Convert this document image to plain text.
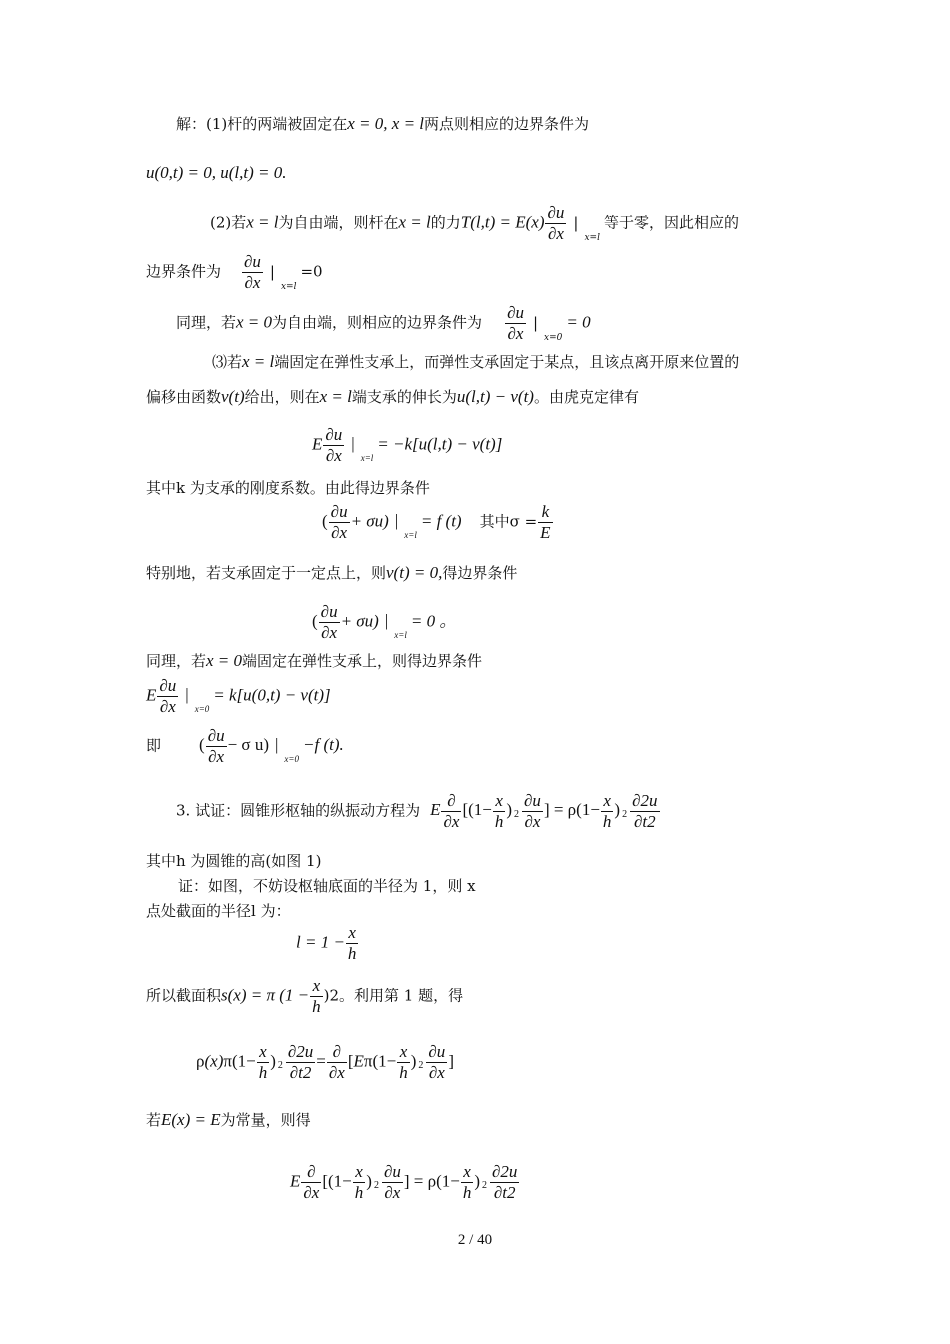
解：(1)杆的两端被固定在x = 0, x = l两点则相应的边界条件为
u(0,t) = 0, u(l,t) = 0.
(2)若x = l为自由端，则杆在x = l的力$T(l,t) = E(x) \frac{\partial u}{\partial x} |_{x=l}$等于零，因此相应的
边界条件为 $\frac{\partial u}{\partial x} |_{x=l}=0$
同理，若x = 0为自由端，则相应的边界条件为 $\frac{\partial u}{\partial x} |_{x=0}= 0$
⑶若x = l端固定在弹性支承上，而弹性支承固定于某点，且该点离开原来位置的
偏移由函数v(t)给出，则在x = l端支承的伸长为u(l,t) − v(t)。由虎克定律有
E $\frac{\partial u}{\partial x} |_{x=l}= -k[u(l,t) - v(t)]$
其中k 为支承的刚度系数。由此得边界条件
( $\frac{\partial u}{\partial x} + \sigma u$) $|_{x=l}= f$ (t) 其中$\sigma = \frac{k}{E}$
特别地，若支承固定于一定点上，则v(t) = 0,得边界条件
( $\frac{\partial u}{\partial x} + \sigma u$) $|_{x=l}= 0$ 。
同理，若x = 0端固定在弹性支承上，则得边界条件
E $\frac{\partial u}{\partial x} |_{x=0}= k[u(0,t) - v(t)]$
即 ( $\frac{\partial u}{\partial x} - \sigma$ u) $|_{x=0}-f$ (t).
3. 试证：圆锥形枢轴的纵振动方程为 E $\frac{\partial}{\partial x} [(1- \frac{x}{h}$ ) $2 \frac{\partial u}{\partial x}$ ] = $\rho(1- \frac{x}{h}$ ) $2 \frac{\partial 2u}{\partial t2}$
其中h 为圆锥的高(如图 1)
证：如图，不妨设枢轴底面的半径为 1，则 x
点处截面的半径l 为：
$l = 1 - \frac{x}{h}$
所以截面积s(x) = π $(1 - \frac{x}{h} )2$。利用第 1 题，得
$\rho(x)\pi(1- \frac{x}{h}$ ) $2 \frac{\partial 2u}{\partial t2} = \frac{\partial}{\partial x} [E\pi(1- \frac{x}{h}$ ) $2 \frac{\partial u}{\partial x}$ ]
若E(x) = E为常量，则得
E $\frac{\partial}{\partial x} [(1- \frac{x}{h}$ ) $2 \frac{\partial u}{\partial x}$ ] = $\rho(1- \frac{x}{h}$ ) $2 \frac{\partial 2u}{\partial t2}$
2 / 40
